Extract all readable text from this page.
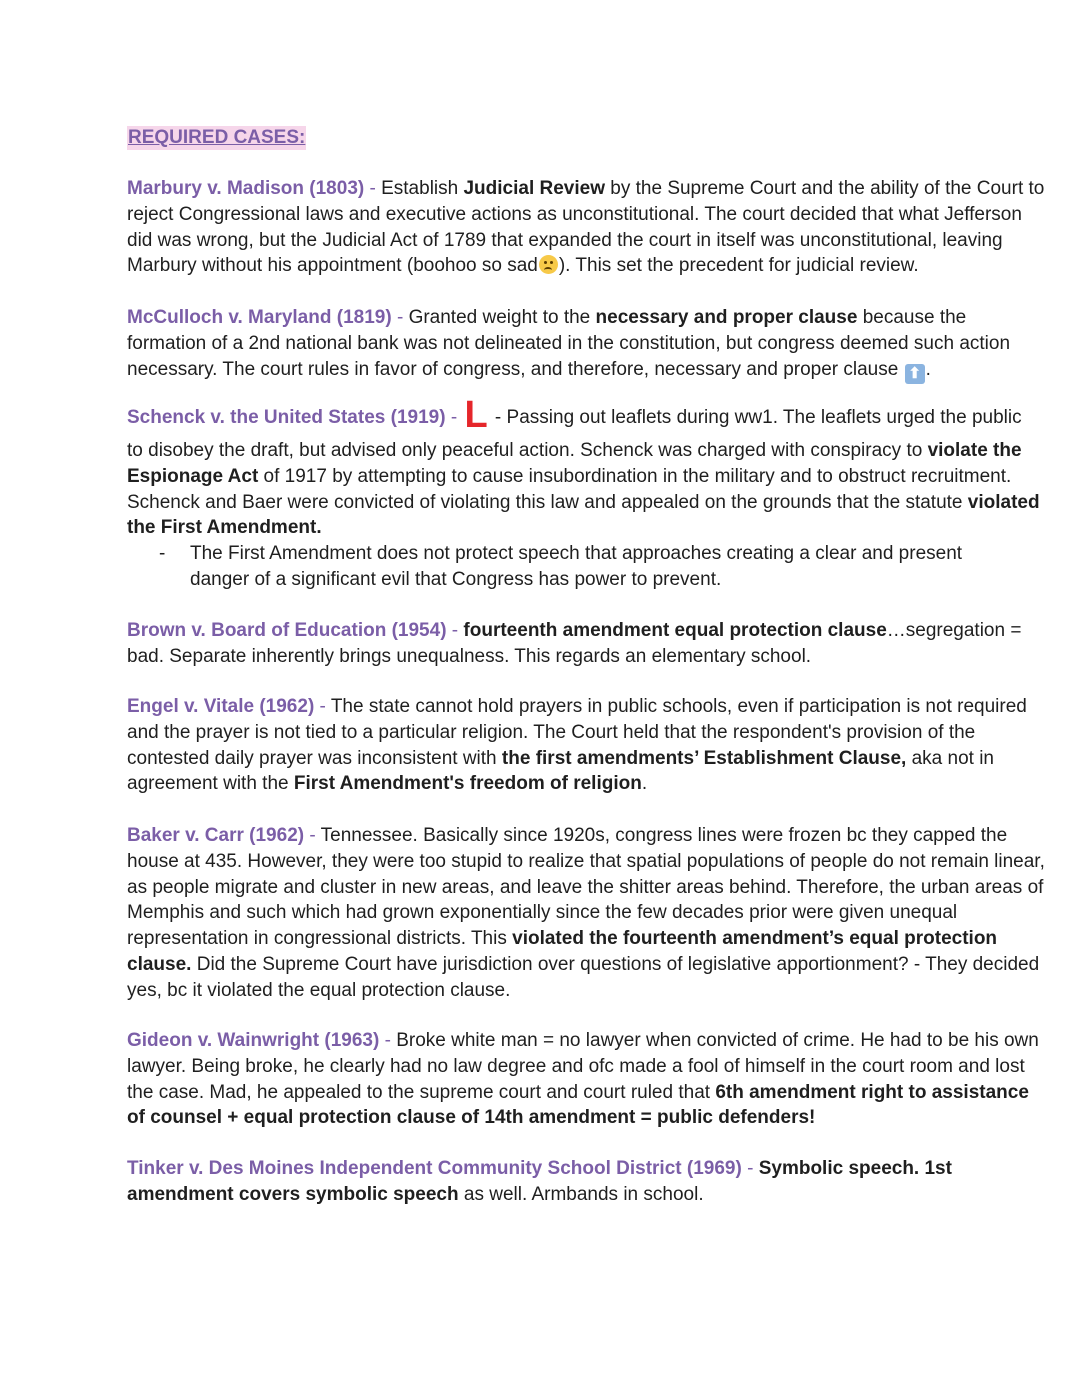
REQUIRED CASES:
Marbury v. Madison (1803) - Establish Judicial Review by the Supreme Court and the ability of the Court to reject Congressional laws and executive actions as unconstitutional. The court decided that what Jefferson did was wrong, but the Judicial Act of 1789 that expanded the court in itself was unconstitutional, leaving Marbury without his appointment (boohoo so sad ). This set the precedent for judicial review.
McCulloch v. Maryland (1819) - Granted weight to the necessary and proper clause because the formation of a 2nd national bank was not delineated in the constitution, but congress deemed such action necessary. The court rules in favor of congress, and therefore, necessary and proper clause ⬆ .
Schenck v. the United States (1919) - L - Passing out leaflets during ww1. The leaflets urged the public
to disobey the draft, but advised only peaceful action. Schenck was charged with conspiracy to violate the Espionage Act of 1917 by attempting to cause insubordination in the military and to obstruct recruitment. Schenck and Baer were convicted of violating this law and appealed on the grounds that the statute violated the First Amendment.
- The First Amendment does not protect speech that approaches creating a clear and present danger of a significant evil that Congress has power to prevent.
Brown v. Board of Education (1954) - fourteenth amendment equal protection clause…segregation = bad. Separate inherently brings unequalness. This regards an elementary school.
Engel v. Vitale (1962) - The state cannot hold prayers in public schools, even if participation is not required and the prayer is not tied to a particular religion. The Court held that the respondent's provision of the contested daily prayer was inconsistent with the first amendments’ Establishment Clause, aka not in agreement with the First Amendment's freedom of religion.
Baker v. Carr (1962) - Tennessee. Basically since 1920s, congress lines were frozen bc they capped the house at 435. However, they were too stupid to realize that spatial populations of people do not remain linear, as people migrate and cluster in new areas, and leave the shitter areas behind. Therefore, the urban areas of Memphis and such which had grown exponentially since the few decades prior were given unequal representation in congressional districts. This violated the fourteenth amendment’s equal protection clause. Did the Supreme Court have jurisdiction over questions of legislative apportionment? - They decided yes, bc it violated the equal protection clause.
Gideon v. Wainwright (1963) - Broke white man = no lawyer when convicted of crime. He had to be his own lawyer. Being broke, he clearly had no law degree and ofc made a fool of himself in the court room and lost the case. Mad, he appealed to the supreme court and court ruled that 6th amendment right to assistance of counsel + equal protection clause of 14th amendment = public defenders!
Tinker v. Des Moines Independent Community School District (1969) - Symbolic speech. 1st amendment covers symbolic speech as well. Armbands in school.
